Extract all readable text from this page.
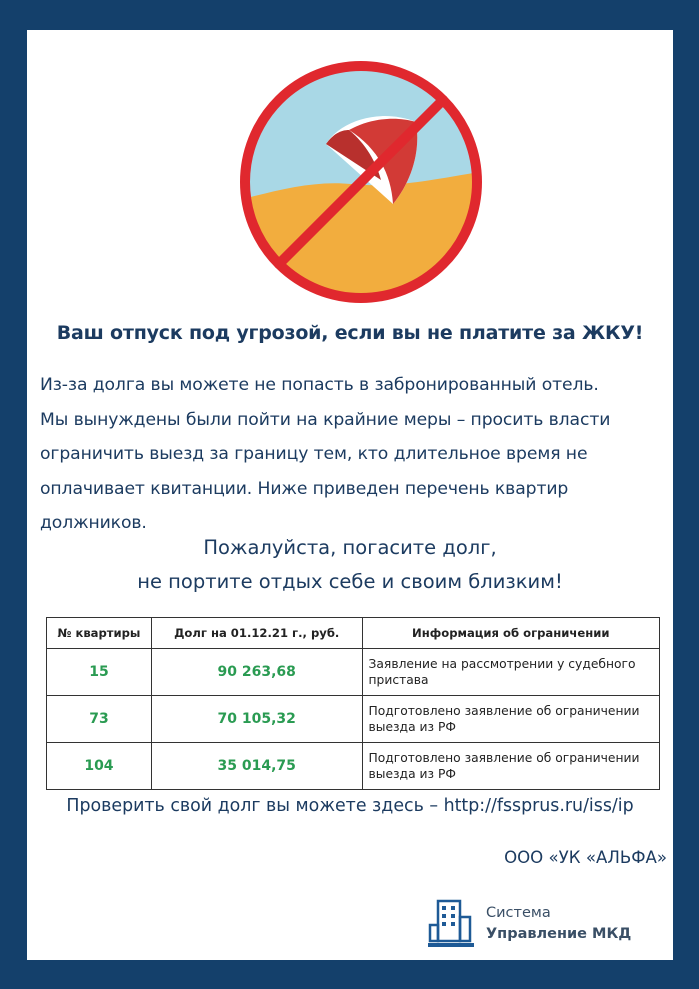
Ваш отпуск под угрозой, если вы не платите за ЖКУ!
Из-за долга вы можете не попасть в забронированный отель.
Мы вынуждены были пойти на крайние меры – просить власти
ограничить выезд за границу тем, кто длительное время не
оплачивает квитанции. Ниже приведен перечень квартир
должников.
Пожалуйста, погасите долг,
не портите отдых себе и своим близким!
№ квартиры	Долг на 01.12.21 г., руб.	Информация об ограничении
15	90 263,68	Заявление на рассмотрении у судебного пристава
73	70 105,32	Подготовлено заявление об ограничении выезда из РФ
104	35 014,75	Подготовлено заявление об ограничении выезда из РФ
Проверить свой долг вы можете здесь – http://fssprus.ru/iss/ip
ООО «УК «АЛЬФА»
Система
Управление МКД
